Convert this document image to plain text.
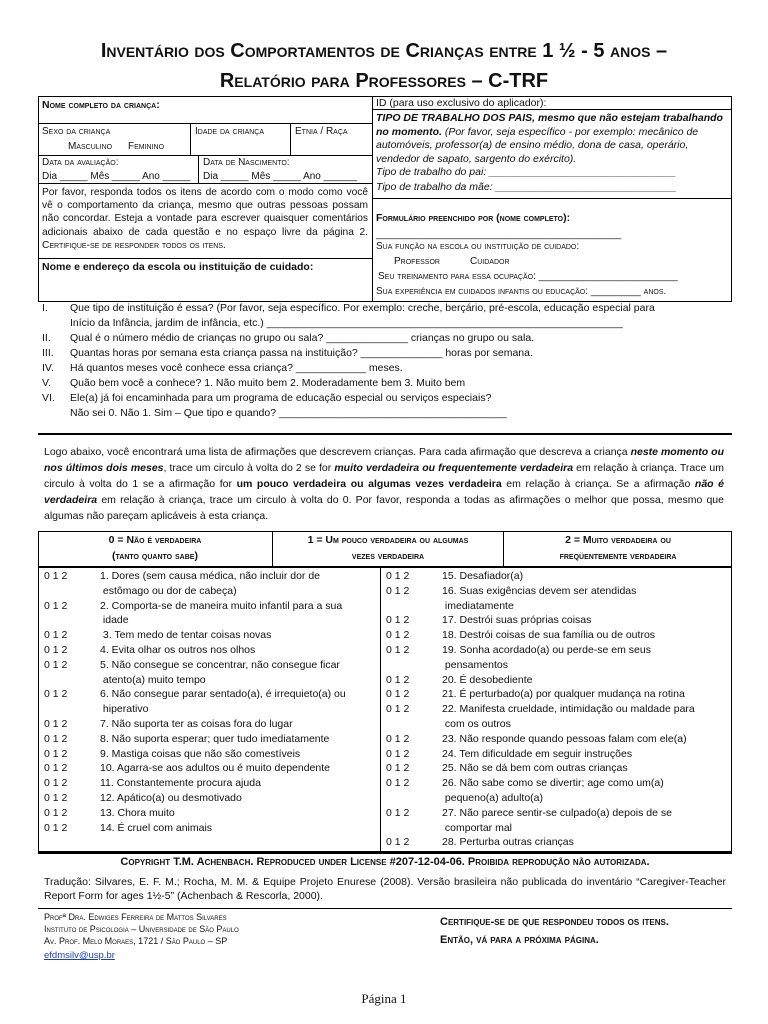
Inventário dos Comportamentos de Crianças entre 1 ½ - 5 anos –
Relatório para Professores – C-TRF
Nome completo da criança:	ID (para uso exclusivo do aplicador):
TIPO DE TRABALHO DOS PAIS, mesmo que não estejam trabalhando no momento. (Por favor, seja específico - por exemplo: mecânico de automóveis, professor(a) de ensino médio, dona de casa, operário, vendedor de sapato, sargento do exército).
Tipo de trabalho do pai: ________________________________
Tipo de trabalho da mãe: _______________________________
Sexo da criança
Masculino Feminino
Idade da criança	Etnia / Raça
Data da avaliação:
Dia _____ Mês _____ Ano _____
Data de Nascimento:
Dia _____ Mês _____ Ano ______
Por favor, responda todos os itens de acordo com o modo como você vê o comportamento da criança, mesmo que outras pessoas possam não concordar. Esteja a vontade para escrever quaisquer comentários adicionais abaixo de cada questão e no espaço livre da página 2. Certifique-se de responder todos os itens.
Nome e endereço da escola ou instituição de cuidado:
Formulário preenchido por (nome completo):
__________________________________________
Sua função na escola ou instituição de cuidado:
Professor	Cuidador
Seu treinamento para essa ocupação: _________________________
Sua experiência em cuidados infantis ou educação: _________ anos.
I. Que tipo de instituição é essa? (Por favor, seja específico. Por exemplo: creche, berçário, pré-escola, educação especial para
Início da Infância, jardim de infância, etc.) _____________________________________________________________
II. Qual é o número médio de crianças no grupo ou sala? ______________ crianças no grupo ou sala.
III. Quantas horas por semana esta criança passa na instituição? ______________ horas por semana.
IV. Há quantos meses você conhece essa criança? ____________ meses.
V. Quão bem você a conhece? 1. Não muito bem 2. Moderadamente bem 3. Muito bem
VI. Ele(a) já foi encaminhada para um programa de educação especial ou serviços especiais?
Não sei 0. Não 1. Sim – Que tipo e quando? _______________________________________
Logo abaixo, você encontrará uma lista de afirmações que descrevem crianças. Para cada afirmação que descreva a criança neste momento ou nos últimos dois meses, trace um circulo à volta do 2 se for muito verdadeira ou frequentemente verdadeira em relação à criança. Trace um circulo à volta do 1 se a afirmação for um pouco verdadeira ou algumas vezes verdadeira em relação à criança. Se a afirmação não é verdadeira em relação à criança, trace um circulo à volta do 0. Por favor, responda a todas as afirmações o melhor que possa, mesmo que algumas não pareçam aplicáveis à esta criança.
0 = Não é verdadeira
(tanto quanto sabe)
1 = Um pouco verdadeira ou algumas
vezes verdadeira
2 = Muito verdadeira ou
freqüentemente verdadeira
0 1 2	1. Dores (sem causa médica, não incluir dor de
estômago ou dor de cabeça)
0 1 2	2. Comporta-se de maneira muito infantil para a sua
idade
0 1 2	3. Tem medo de tentar coisas novas
0 1 2	4. Evita olhar os outros nos olhos
0 1 2	5. Não consegue se concentrar, não consegue ficar
atento(a) muito tempo
0 1 2	6. Não consegue parar sentado(a), é irrequieto(a) ou
hiperativo
0 1 2	7. Não suporta ter as coisas fora do lugar
0 1 2	8. Não suporta esperar; quer tudo imediatamente
0 1 2	9. Mastiga coisas que não são comestíveis
0 1 2	10. Agarra-se aos adultos ou é muito dependente
0 1 2	11. Constantemente procura ajuda
0 1 2	12. Apático(a) ou desmotivado
0 1 2	13. Chora muito
0 1 2	14. É cruel com animais
0 1 2	15. Desafiador(a)
0 1 2	16. Suas exigências devem ser atendidas
imediatamente
0 1 2	17. Destrói suas próprias coisas
0 1 2	18. Destrói coisas de sua família ou de outros
0 1 2	19. Sonha acordado(a) ou perde-se em seus
pensamentos
0 1 2	20. É desobediente
0 1 2	21. É perturbado(a) por qualquer mudança na rotina
0 1 2	22. Manifesta crueldade, intimidação ou maldade para
com os outros
0 1 2	23. Não responde quando pessoas falam com ele(a)
0 1 2	24. Tem dificuldade em seguir instruções
0 1 2	25. Não se dá bem com outras crianças
0 1 2	26. Não sabe como se divertir; age como um(a)
pequeno(a) adulto(a)
0 1 2	27. Não parece sentir-se culpado(a) depois de se
comportar mal
0 1 2	28. Perturba outras crianças
Copyright T.M. Achenbach. Reproduced under License #207-12-04-06. Proibida reprodução não autorizada.
Tradução: Silvares, E. F. M.; Rocha, M. M. & Equipe Projeto Enurese (2008). Versão brasileira não publicada do inventário “Caregiver-Teacher Report Form for ages 1½-5” (Achenbach & Rescorla, 2000).
Profª Dra. Edwiges Ferreira de Mattos Silvares
Instituto de Psicologia – Universidade de São Paulo
Av. Prof. Melo Moraes, 1721 / São Paulo – SP
efdmsilv@usp.br
Certifique-se de que respondeu todos os itens.
Então, vá para a próxima página.
Página 1
